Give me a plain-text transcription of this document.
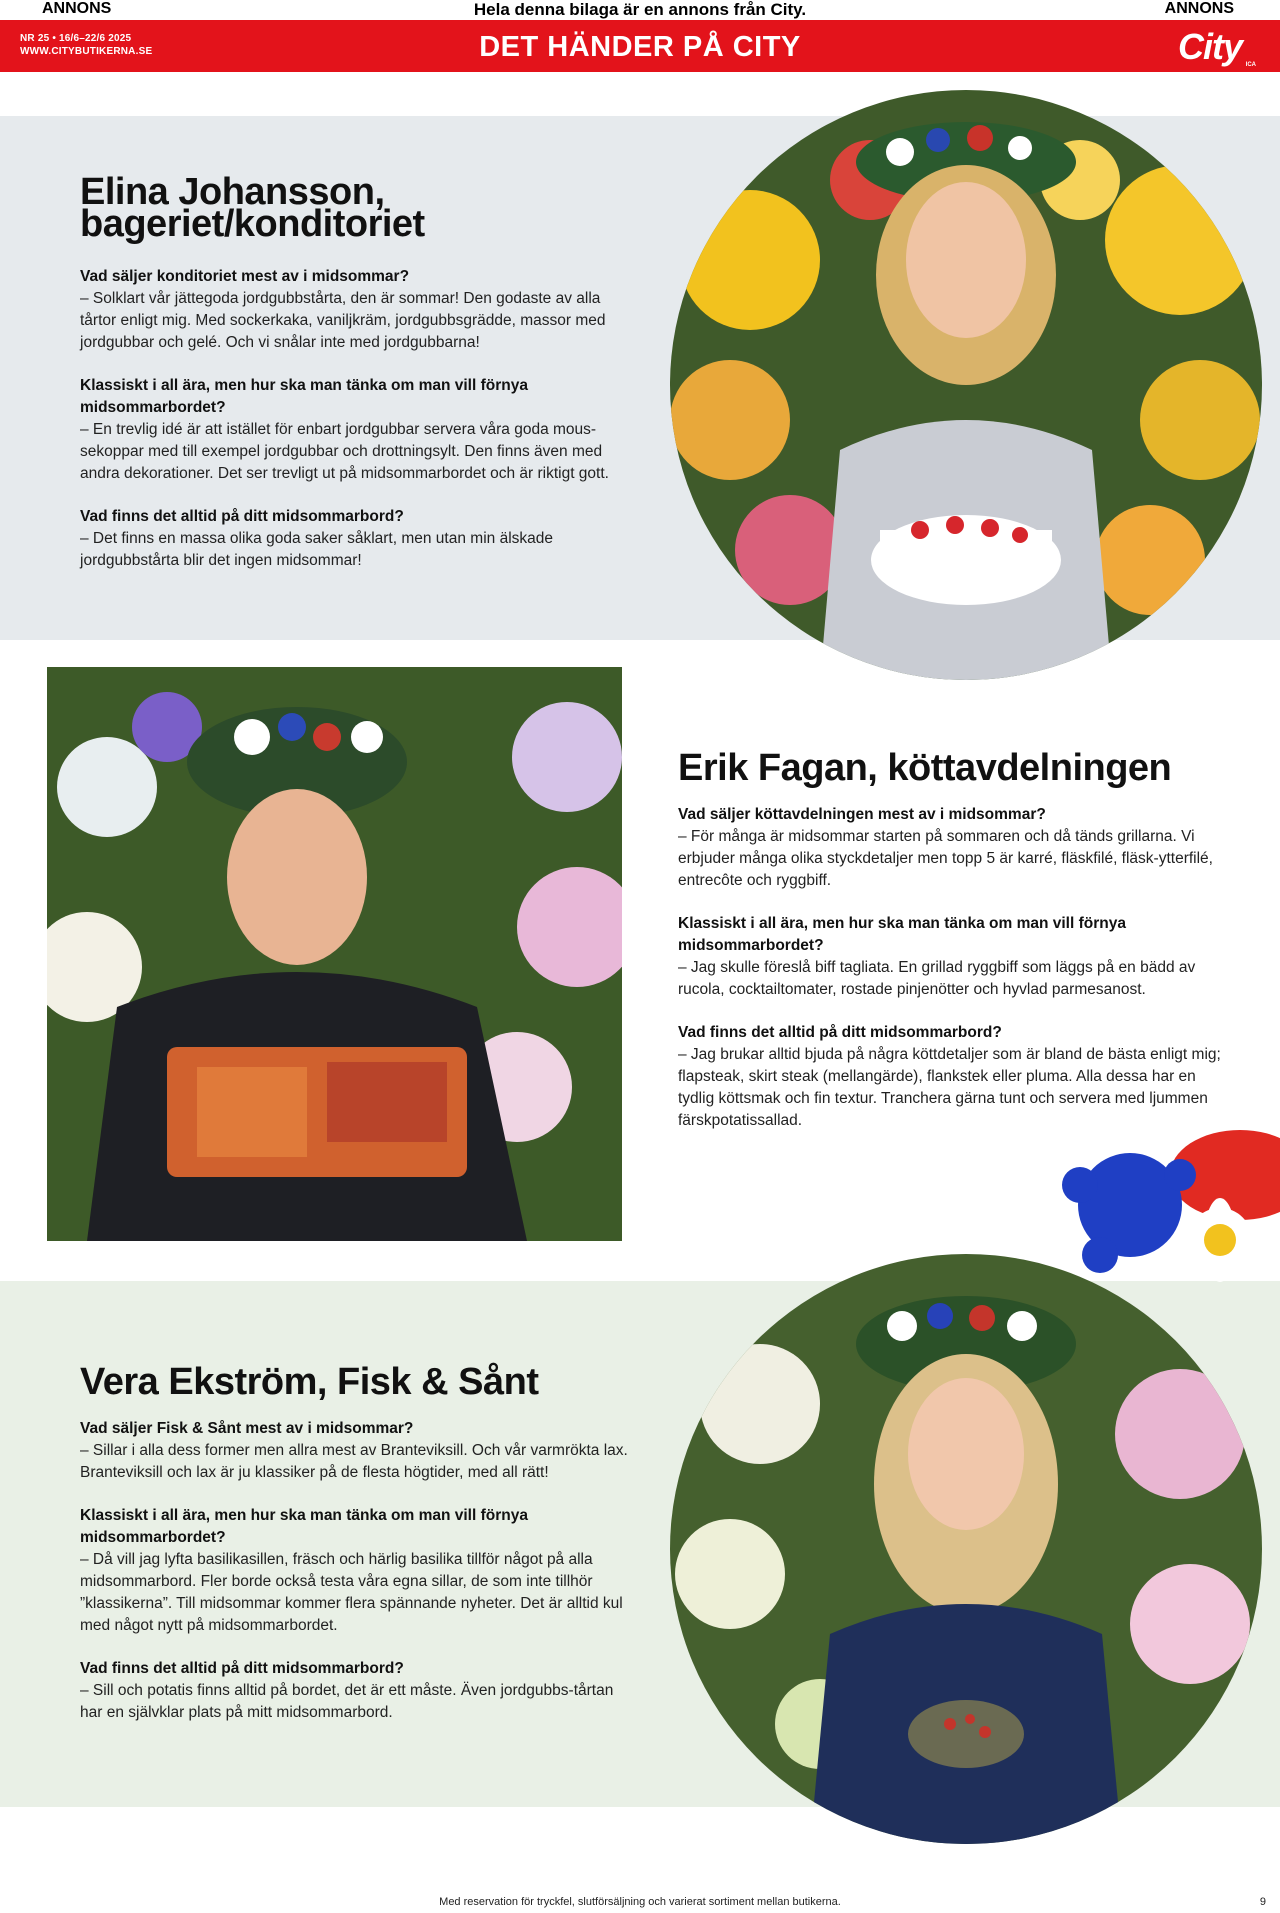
ANNONS	Hela denna bilaga är en annons från City.	ANNONS
NR 25 • 16/6–22/6 2025
WWW.CITYBUTIKERNA.SE	DET HÄNDER PÅ CITY	City ICA
Elina Johansson,
bageriet/konditoriet

Vad säljer konditoriet mest av i midsommar?

– Solklart vår jättegoda jordgubbstårta, den är sommar! Den godaste av alla tårtor enligt mig. Med sockerkaka, vaniljkräm, jordgubbsgrädde, massor med jordgubbar och gelé. Och vi snålar inte med jordgubbarna!

Klassiskt i all ära, men hur ska man tänka om man vill förnya midsommarbordet?

– En trevlig idé är att istället för enbart jordgubbar servera våra goda mous-sekoppar med till exempel jordgubbar och drottningsylt. Den finns även med andra dekorationer. Det ser trevligt ut på midsommarbordet och är riktigt gott.

Vad finns det alltid på ditt midsommarbord?

– Det finns en massa olika goda saker såklart, men utan min älskade jordgubbstårta blir det ingen midsommar!

Erik Fagan, köttavdelningen

Vad säljer köttavdelningen mest av i midsommar?

– För många är midsommar starten på sommaren och då tänds grillarna. Vi erbjuder många olika styckdetaljer men topp 5 är karré, fläskfilé, fläsk-ytterfilé, entrecôte och ryggbiff.

Klassiskt i all ära, men hur ska man tänka om man vill förnya midsommarbordet?

– Jag skulle föreslå biff tagliata. En grillad ryggbiff som läggs på en bädd av rucola, cocktailtomater, rostade pinjenötter och hyvlad parmesanost.

Vad finns det alltid på ditt midsommarbord?

– Jag brukar alltid bjuda på några köttdetaljer som är bland de bästa enligt mig; flapsteak, skirt steak (mellangärde), flankstek eller pluma. Alla dessa har en tydlig köttsmak och fin textur. Tranchera gärna tunt och servera med ljummen färskpotatissallad.

Vera Ekström, Fisk & Sånt

Vad säljer Fisk & Sånt mest av i midsommar?

– Sillar i alla dess former men allra mest av Branteviksill. Och vår varmrökta lax. Branteviksill och lax är ju klassiker på de flesta högtider, med all rätt!

Klassiskt i all ära, men hur ska man tänka om man vill förnya midsommarbordet?

– Då vill jag lyfta basilikasillen, fräsch och härlig basilika tillför något på alla midsommarbord. Fler borde också testa våra egna sillar, de som inte tillhör ”klassikerna”. Till midsommar kommer flera spännande nyheter. Det är alltid kul med något nytt på midsommarbordet.

Vad finns det alltid på ditt midsommarbord?

– Sill och potatis finns alltid på bordet, det är ett måste. Även jordgubbs-tårtan har en självklar plats på mitt midsommarbord.

Med reservation för tryckfel, slutförsäljning och varierat sortiment mellan butikerna.	9
